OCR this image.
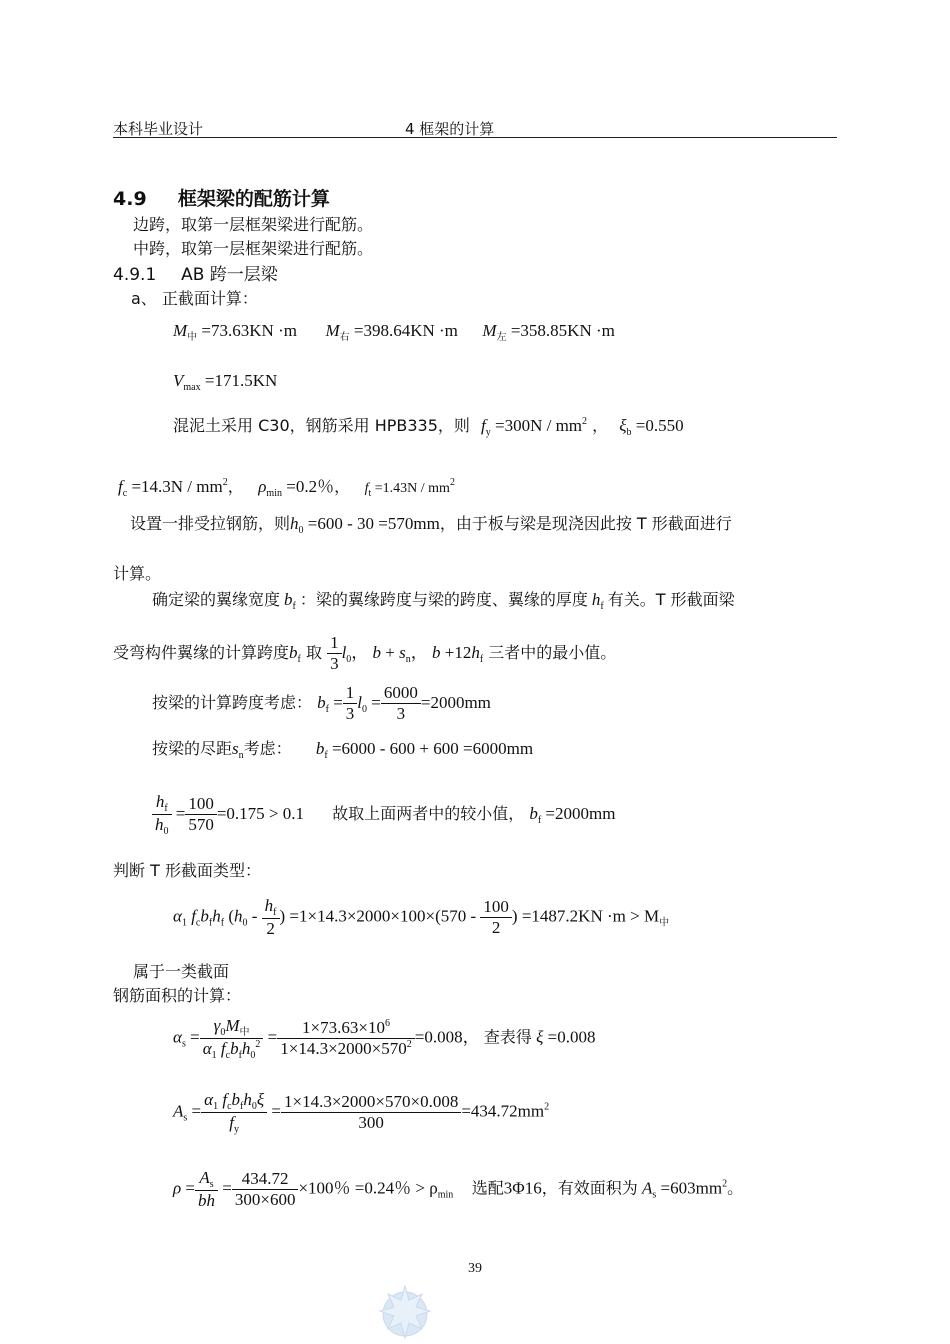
本科毕业设计	4 框架的计算
4.9 框架梁的配筋计算
边跨，取第一层框架梁进行配筋。
中跨，取第一层框架梁进行配筋。
4.9.1 AB 跨一层梁
a、 正截面计算：
$M_中 =73.63KN \cdot m$ $M_右 =398.64KN \cdot m$ $M_左 =358.85KN \cdot m$
$V_{max} =171.5KN$
混泥土采用 C30，钢筋采用 HPB335，则 $f_y =300N / mm^2$ ， $\xi_b =0.550$
$f_c =14.3N / mm^2$， $\rho_{min} =0.2$％， $f_t =1.43N / mm^2$
设置一排受拉钢筋，则$h_0 =600 - 30 =570mm$，由于板与梁是现浇因此按 T 形截面进行
计算。
确定梁的翼缘宽度 $b_f$ ：梁的翼缘跨度与梁的跨度、翼缘的厚度 $h_f$ 有关。T 形截面梁
受弯构件翼缘的计算跨度$b_f$ 取 $\frac{1}{3} l_0$， $b + s_n$， $b +12h_f$ 三者中的最小值。
按梁的计算跨度考虑： $b_f = \frac{1}{3} l_0 = \frac{6000}{3} =2000mm$
按梁的尽距$s_n$考虑： $b_f =6000 - 600 + 600 =6000mm$
$\frac{h_f}{h_0} = \frac{100}{570} =0.175 > 0.1$ 故取上面两者中的较小值， $b_f =2000mm$
判断 T 形截面类型：
$\alpha_1$ $f_cb_fh_f$ ($h_0 - \frac{h_f}{2}$ ) $=1\times 14.3\times 2000\times 100\times(570 - \frac{100}{2}$ ) $=1487.2KN \cdot m > M_中$
属于一类截面
钢筋面积的计算：
$\alpha_s = \frac{\gamma_0M_中}{\alpha_1 f_cb_fh_0^2} = \frac{1\times 73.63\times 10^6}{1\times 14.3\times 2000\times 570^2} =0.008$， 查表得 ξ =0.008
$A_s = \frac{\alpha_1 f_cb_fh_0\xi}{f_y} = \frac{1\times 14.3\times 2000\times 570\times 0.008}{300} =434.72mm^2$
$\rho = \frac{A_s}{bh} = \frac{434.72}{300\times 600} \times 100$％ =0.24％ > $\rho_{min}$ 选配3Φ16，有效面积为 $A_s =603mm^2$。
39
